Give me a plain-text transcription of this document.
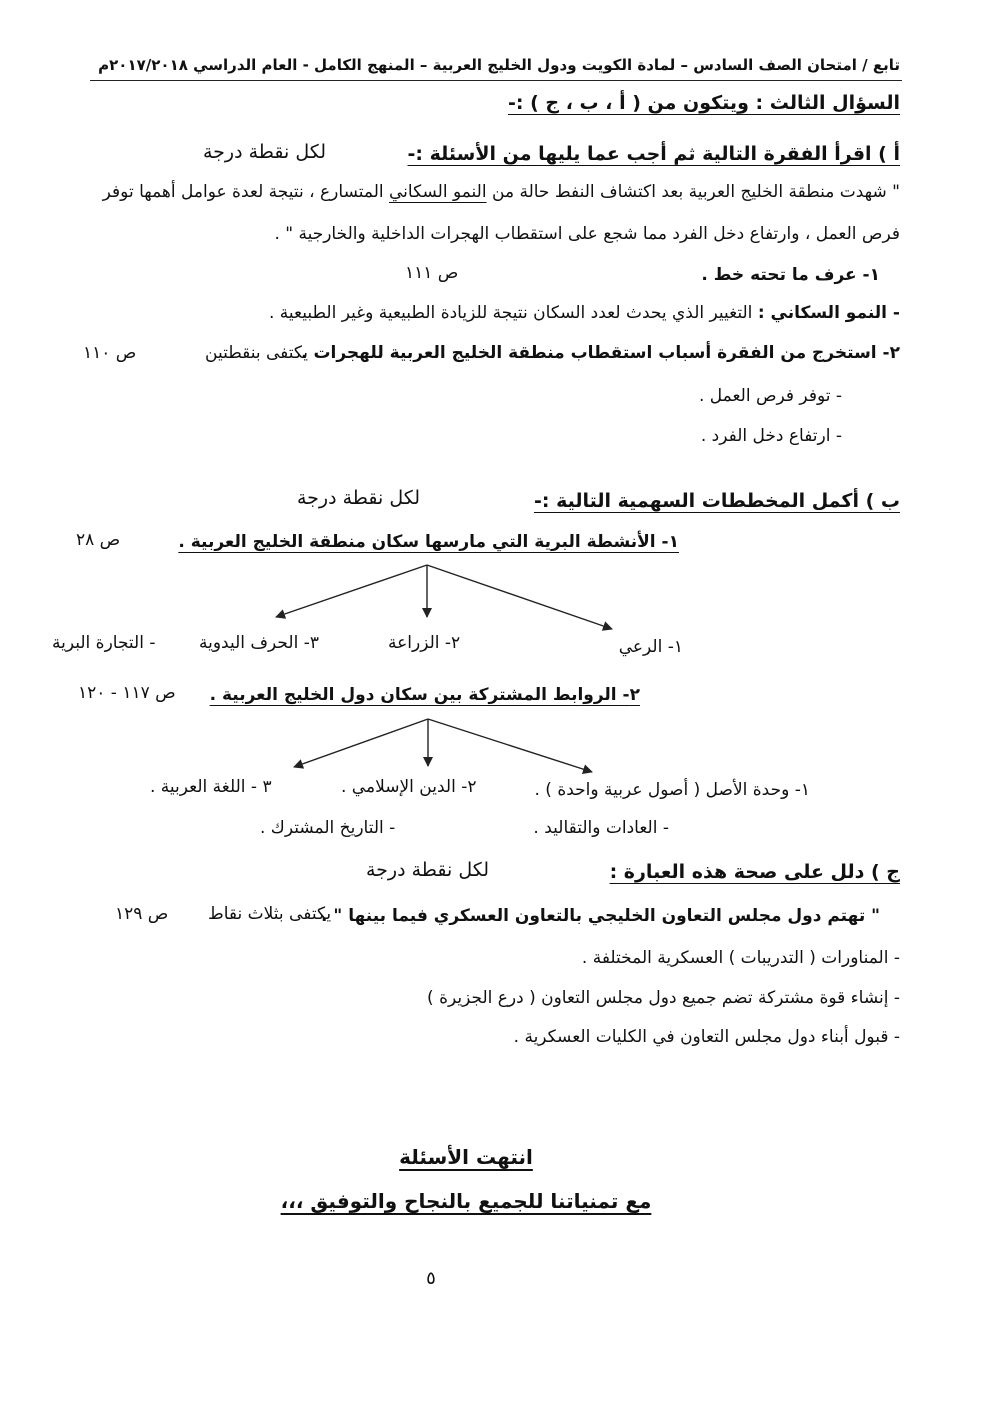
تابع / امتحان الصف السادس – لمادة الكويت ودول الخليج العربية – المنهج الكامل - العام الدراسي ٢٠١٧/٢٠١٨م
السؤال الثالث : ويتكون من ( أ ، ب ، ج ) :-
أ ) اقرأ الفقرة التالية ثم أجب عما يليها من الأسئلة :-
لكل نقطة درجة
" شهدت منطقة الخليج العربية بعد اكتشاف النفط حالة من النمو السكاني المتسارع ، نتيجة لعدة عوامل أهمها توفر
فرص العمل ، وارتفاع دخل الفرد مما شجع على استقطاب الهجرات الداخلية والخارجية " .
١- عرف ما تحته خط .
ص ١١١
- النمو السكاني : التغيير الذي يحدث لعدد السكان نتيجة للزيادة الطبيعية وغير الطبيعية .
٢- استخرج من الفقرة أسباب استقطاب منطقة الخليج العربية للهجرات .
يكتفى بنقطتين
ص ١١٠
- توفر فرص العمل .
- ارتفاع دخل الفرد .
ب ) أكمل المخططات السهمية التالية :-
لكل نقطة درجة
١- الأنشطة البرية التي مارسها سكان منطقة الخليج العربية .
ص ٢٨
١- الرعي
٢- الزراعة
٣- الحرف اليدوية
- التجارة البرية
٢- الروابط المشتركة بين سكان دول الخليج العربية .
ص ١١٧ - ١٢٠
١- وحدة الأصل ( أصول عربية واحدة ) .
٢- الدين الإسلامي .
٣ - اللغة العربية .
- العادات والتقاليد .
- التاريخ المشترك .
ج ) دلل على صحة هذه العبارة :
لكل نقطة درجة
" تهتم دول مجلس التعاون الخليجي بالتعاون العسكري فيما بينها " .
يكتفى بثلاث نقاط
ص ١٢٩
- المناورات ( التدريبات ) العسكرية المختلفة .
- إنشاء قوة مشتركة تضم جميع دول مجلس التعاون ( درع الجزيرة )
- قبول أبناء دول مجلس التعاون في الكليات العسكرية .
انتهت الأسئلة
مع تمنياتنا للجميع بالنجاح والتوفيق ،،،
٥
